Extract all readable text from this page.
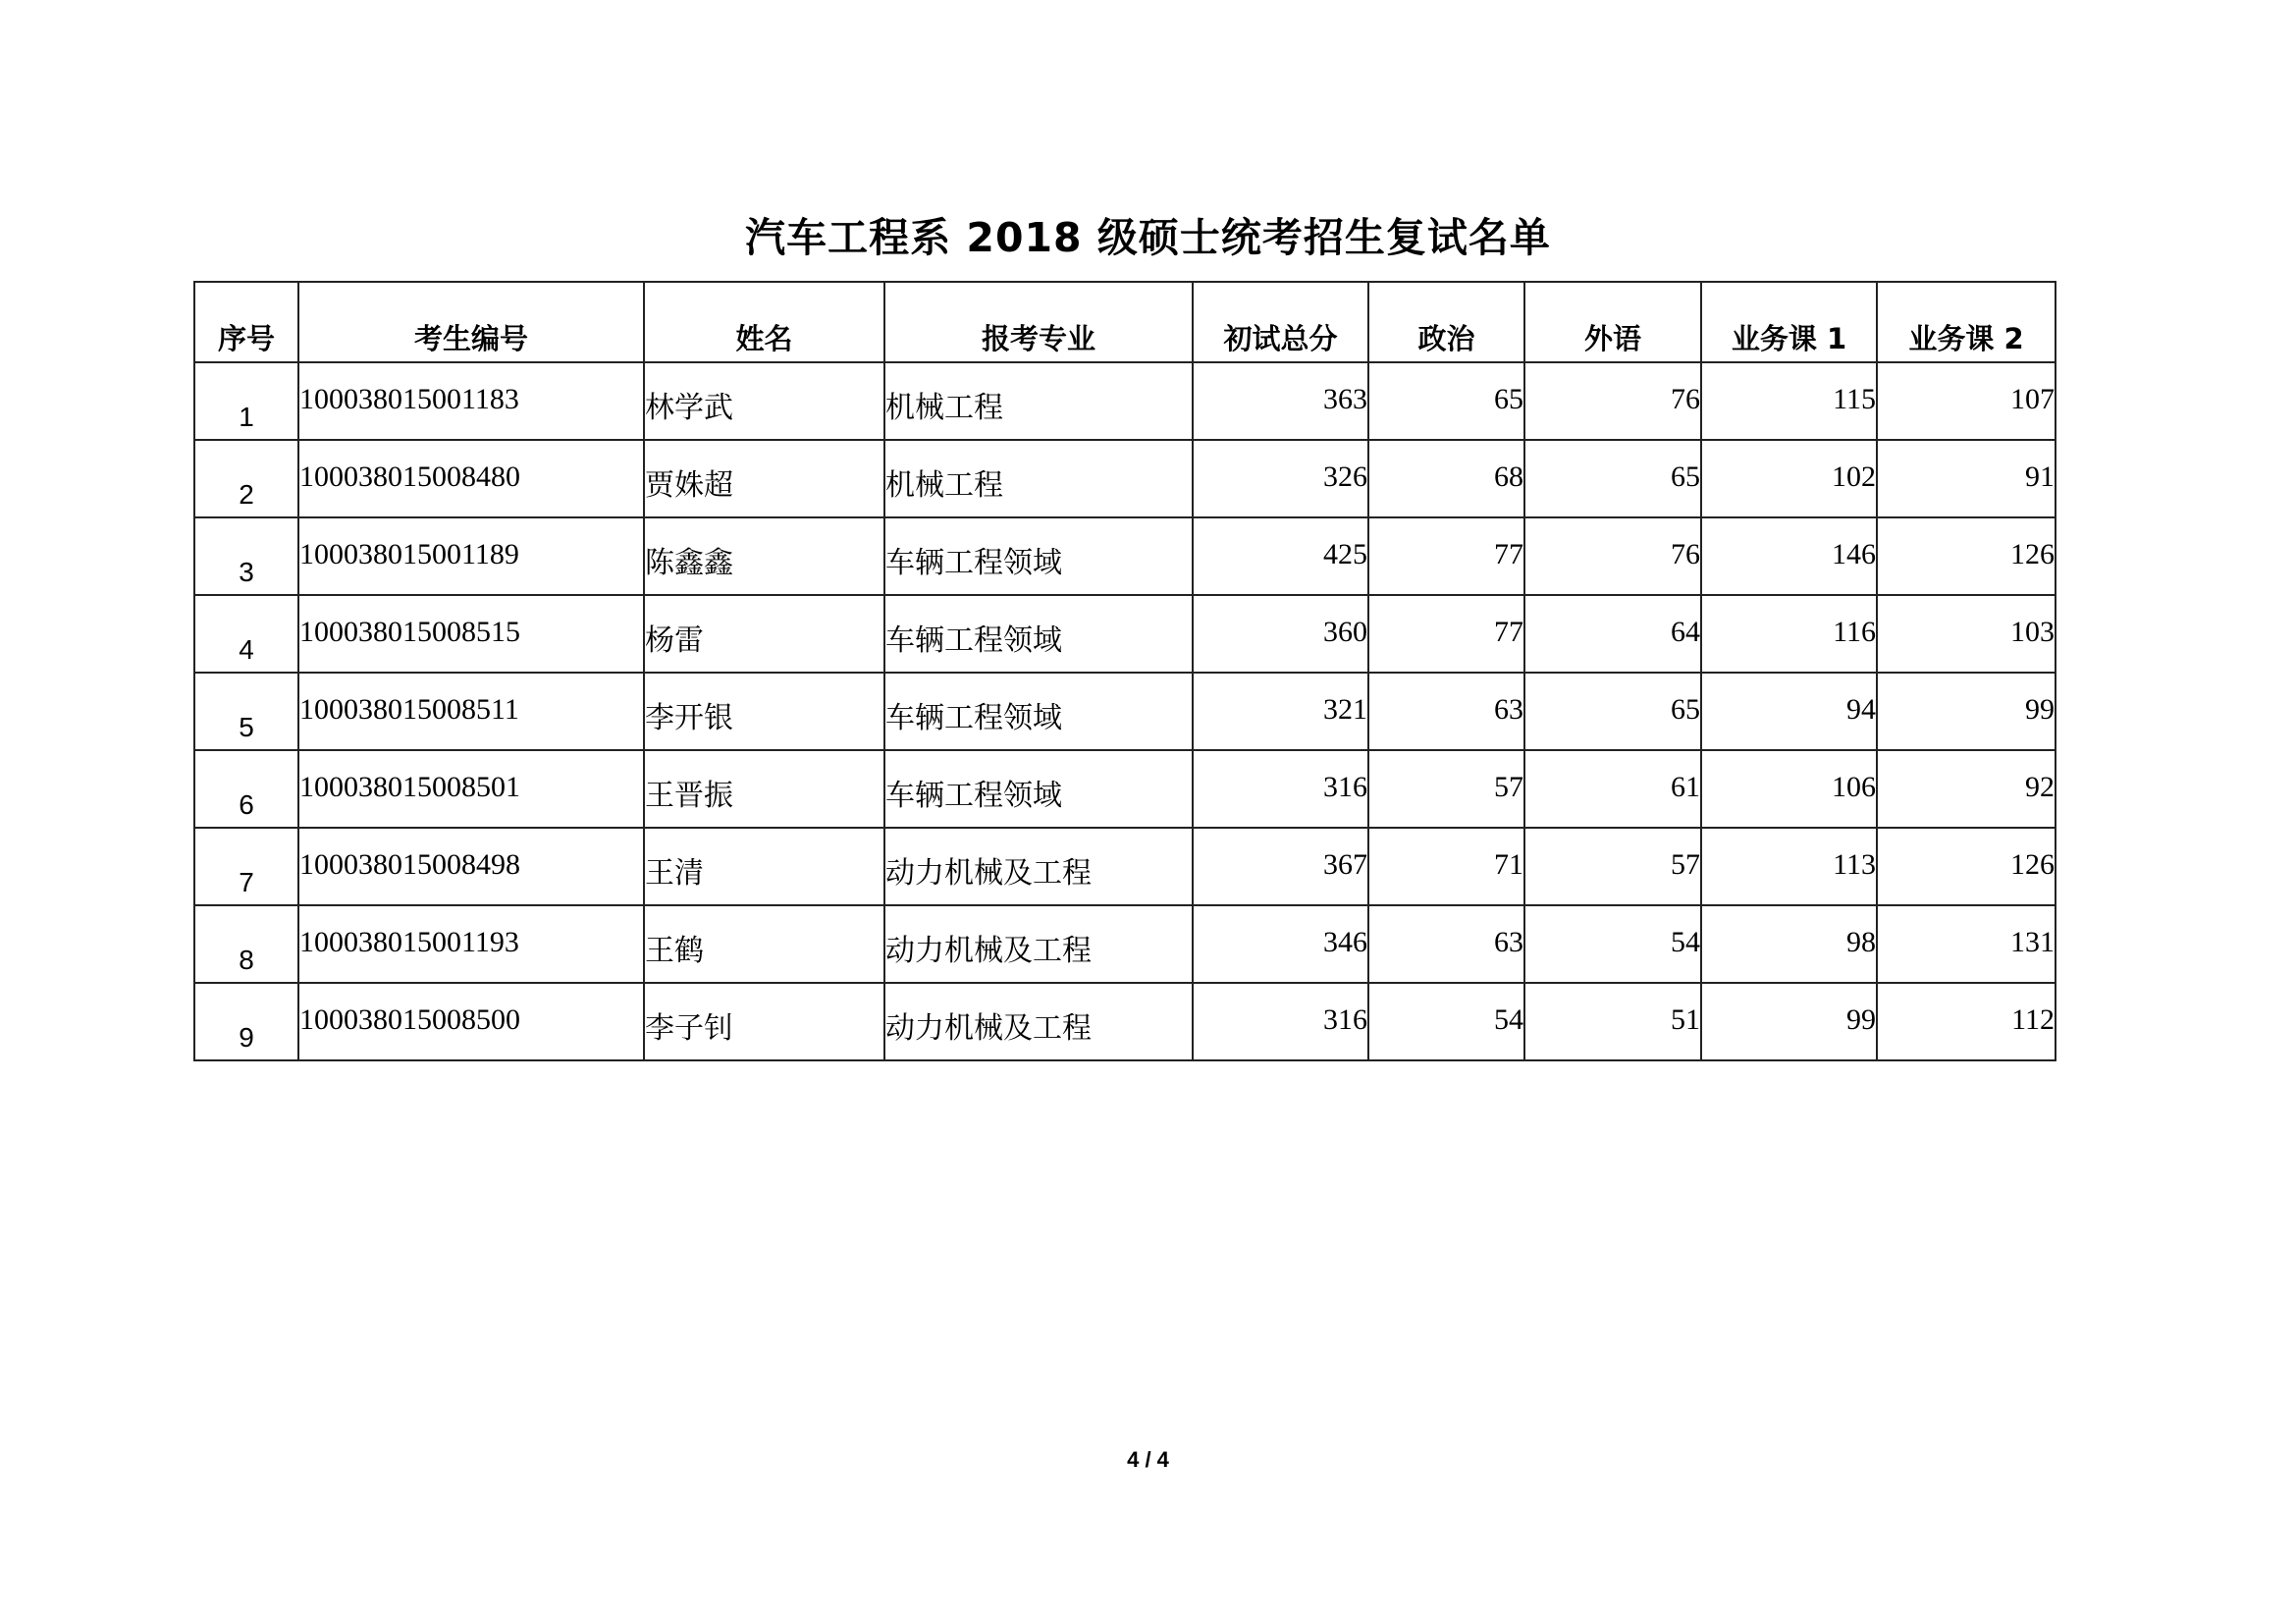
汽车工程系 2018 级硕士统考招生复试名单
序号	考生编号	姓名	报考专业	初试总分	政治	外语	业务课 1	业务课 2
1	100038015001183	林学武	机械工程	363	65	76	115	107
2	100038015008480	贾姝超	机械工程	326	68	65	102	91
3	100038015001189	陈鑫鑫	车辆工程领域	425	77	76	146	126
4	100038015008515	杨雷	车辆工程领域	360	77	64	116	103
5	100038015008511	李开银	车辆工程领域	321	63	65	94	99
6	100038015008501	王晋振	车辆工程领域	316	57	61	106	92
7	100038015008498	王清	动力机械及工程	367	71	57	113	126
8	100038015001193	王鹤	动力机械及工程	346	63	54	98	131
9	100038015008500	李子钊	动力机械及工程	316	54	51	99	112
4 / 4
